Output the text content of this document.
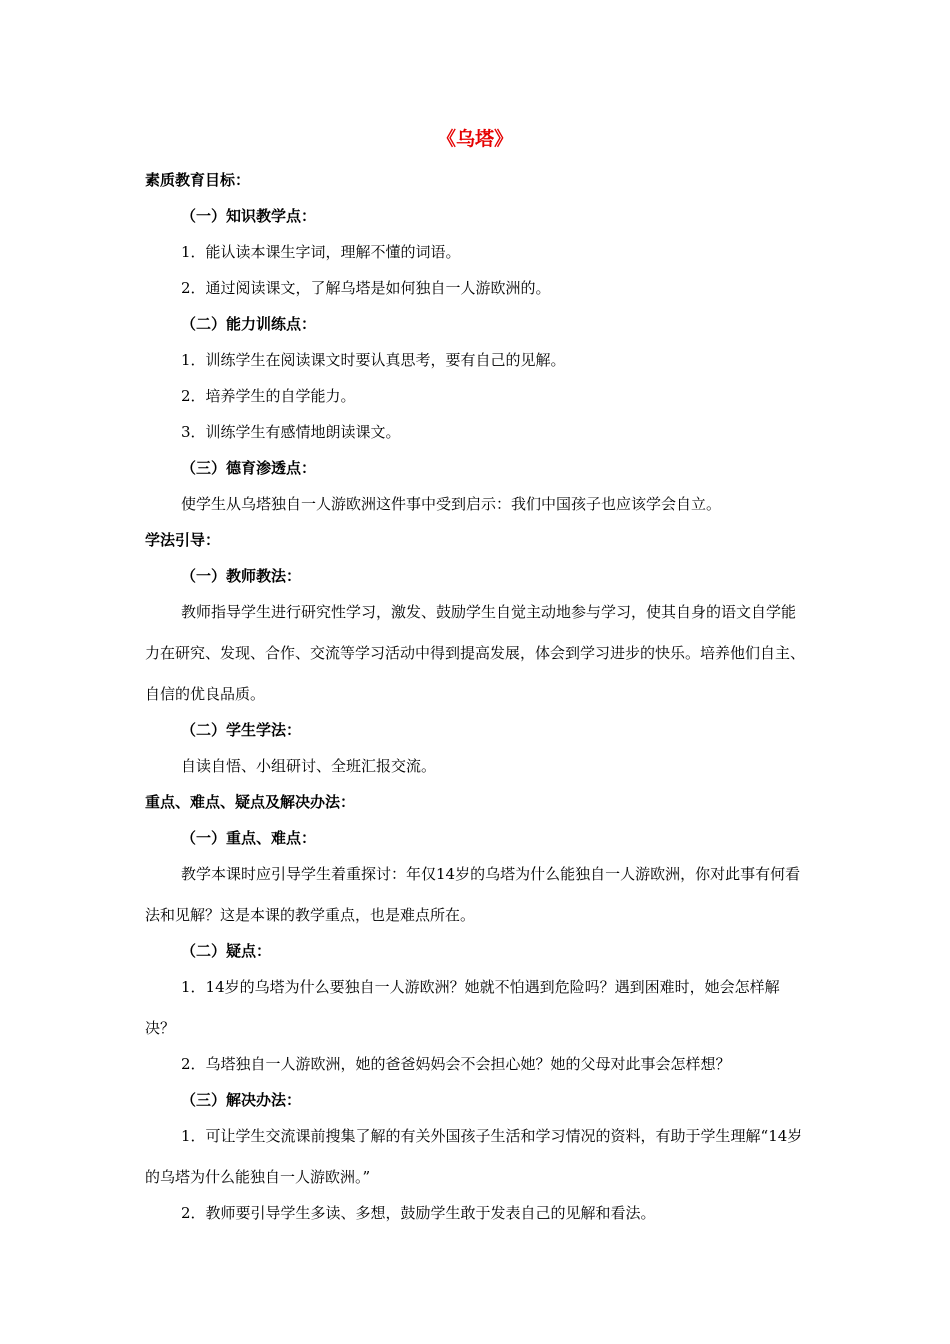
《乌塔》
素质教育目标：
（一）知识教学点：
1．能认读本课生字词，理解不懂的词语。
2．通过阅读课文，了解乌塔是如何独自一人游欧洲的。
（二）能力训练点：
1．训练学生在阅读课文时要认真思考，要有自己的见解。
2．培养学生的自学能力。
3．训练学生有感情地朗读课文。
（三）德育渗透点：
使学生从乌塔独自一人游欧洲这件事中受到启示：我们中国孩子也应该学会自立。
学法引导：
（一）教师教法：
教师指导学生进行研究性学习，激发、鼓励学生自觉主动地参与学习，使其自身的语文自学能力在研究、发现、合作、交流等学习活动中得到提高发展，体会到学习进步的快乐。培养他们自主、自信的优良品质。
（二）学生学法：
自读自悟、小组研讨、全班汇报交流。
重点、难点、疑点及解决办法：
（一）重点、难点：
教学本课时应引导学生着重探讨：年仅14岁的乌塔为什么能独自一人游欧洲，你对此事有何看法和见解？这是本课的教学重点，也是难点所在。
（二）疑点：
1．14岁的乌塔为什么要独自一人游欧洲？她就不怕遇到危险吗？遇到困难时，她会怎样解决？
2．乌塔独自一人游欧洲，她的爸爸妈妈会不会担心她？她的父母对此事会怎样想？
（三）解决办法：
1．可让学生交流课前搜集了解的有关外国孩子生活和学习情况的资料，有助于学生理解“14岁的乌塔为什么能独自一人游欧洲。”
2．教师要引导学生多读、多想，鼓励学生敢于发表自己的见解和看法。
